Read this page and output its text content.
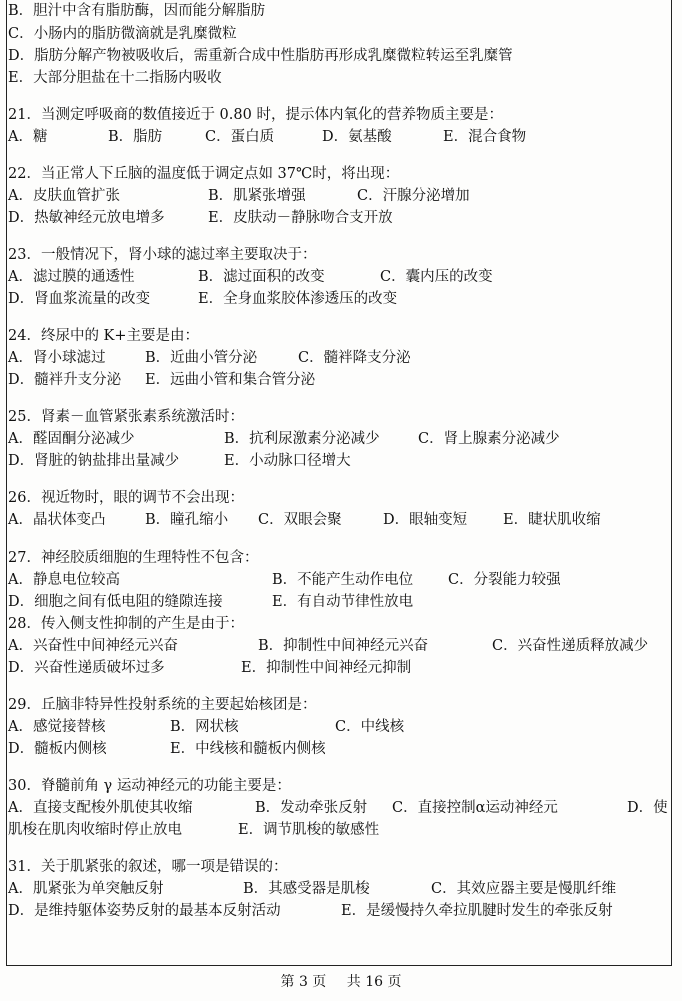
B．胆汁中含有脂肪酶，因而能分解脂肪
C．小肠内的脂肪微滴就是乳糜微粒
D．脂肪分解产物被吸收后，需重新合成中性脂肪再形成乳糜微粒转运至乳糜管
E．大部分胆盐在十二指肠内吸收
21．当测定呼吸商的数值接近于 0.80 时，提示体内氧化的营养物质主要是：
A．糖	B．脂肪	C．蛋白质	D．氨基酸	E．混合食物
22．当正常人下丘脑的温度低于调定点如 37℃时，将出现：
A．皮肤血管扩张	B．肌紧张增强	C．汗腺分泌增加
D．热敏神经元放电增多	E．皮肤动－静脉吻合支开放
23．一般情况下，肾小球的滤过率主要取决于：
A．滤过膜的通透性	B．滤过面积的改变	C．囊内压的改变
D．肾血浆流量的改变	E．全身血浆胶体渗透压的改变
24．终尿中的 K+主要是由：
A．肾小球滤过	B．近曲小管分泌	C．髓袢降支分泌
D．髓袢升支分泌 E．远曲小管和集合管分泌
25．肾素－血管紧张素系统激活时：
A．醛固酮分泌减少	B．抗利尿激素分泌减少	C．肾上腺素分泌减少
D．肾脏的钠盐排出量减少	E．小动脉口径增大
26．视近物时，眼的调节不会出现：
A．晶状体变凸	B．瞳孔缩小 C．双眼会聚	D．眼轴变短 E．睫状肌收缩
27．神经胶质细胞的生理特性不包含：
A．静息电位较高	B．不能产生动作电位 C．分裂能力较强
D．细胞之间有低电阻的缝隙连接	E．有自动节律性放电
28．传入侧支性抑制的产生是由于：
A．兴奋性中间神经元兴奋	B．抑制性中间神经元兴奋	C．兴奋性递质释放减少
D．兴奋性递质破坏过多	E．抑制性中间神经元抑制
29．丘脑非特异性投射系统的主要起始核团是：
A．感觉接替核	B．网状核	C．中线核
D．髓板内侧核	E．中线核和髓板内侧核
30．脊髓前角 γ 运动神经元的功能主要是：
A．直接支配梭外肌使其收缩	B．发动牵张反射 C．直接控制α运动神经元	D．使
肌梭在肌肉收缩时停止放电	E．调节肌梭的敏感性
31．关于肌紧张的叙述，哪一项是错误的：
A．肌紧张为单突触反射	B．其感受器是肌梭	C．其效应器主要是慢肌纤维
D．是维持躯体姿势反射的最基本反射活动	E．是缓慢持久牵拉肌腱时发生的牵张反射
第 3 页 共 16 页
